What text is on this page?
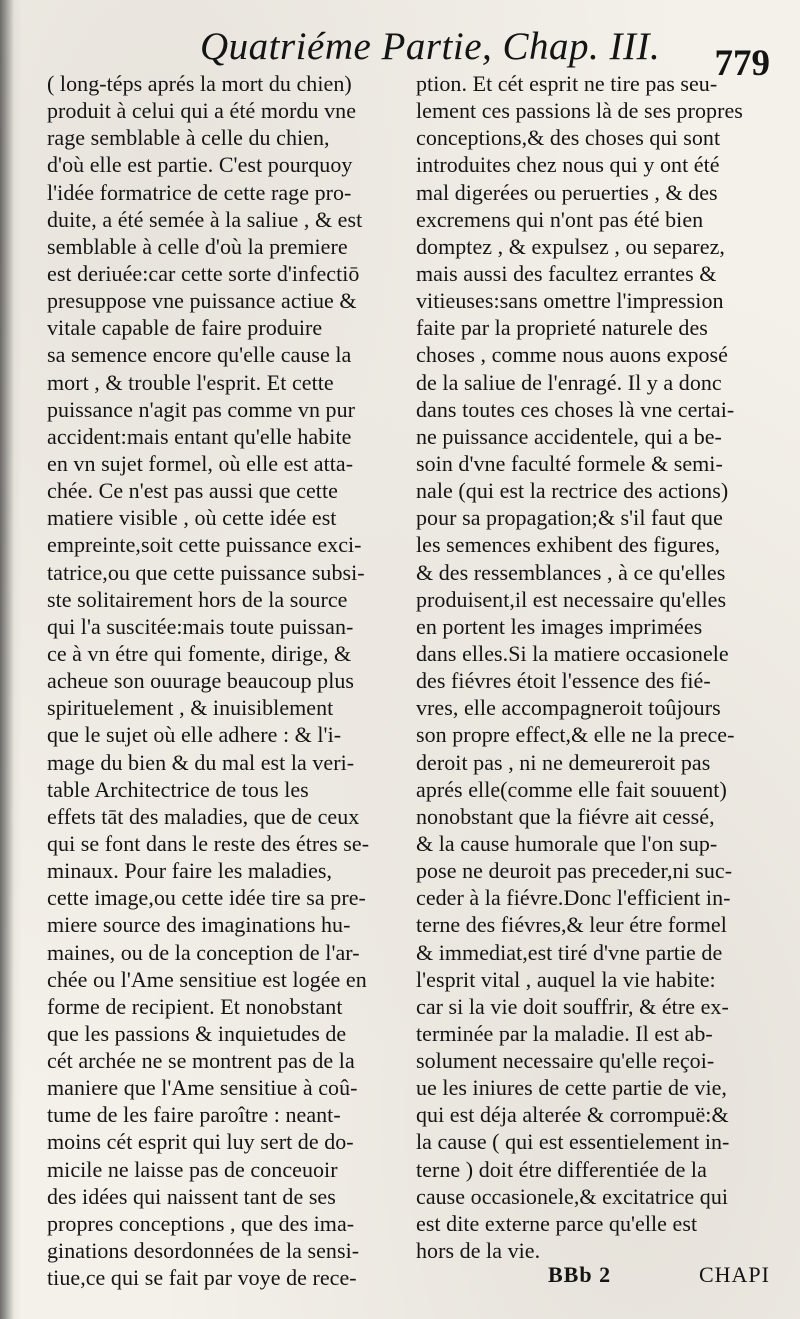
Quatriéme Partie, Chap. III. 779
( long-téps aprés la mort du chien)
produit à celui qui a été mordu vne
rage semblable à celle du chien,
d'où elle est partie. C'est pourquoy
l'idée formatrice de cette rage pro-
duite, a été semée à la saliue , & est
semblable à celle d'où la premiere
est deriuée:car cette sorte d'infectiō
presuppose vne puissance actiue &
vitale capable de faire produire
sa semence encore qu'elle cause la
mort , & trouble l'esprit. Et cette
puissance n'agit pas comme vn pur
accident:mais entant qu'elle habite
en vn sujet formel, où elle est atta-
chée. Ce n'est pas aussi que cette
matiere visible , où cette idée est
empreinte,soit cette puissance exci-
tatrice,ou que cette puissance subsi-
ste solitairement hors de la source
qui l'a suscitée:mais toute puissan-
ce à vn étre qui fomente, dirige, &
acheue son ouurage beaucoup plus
spirituelement , & inuisiblement
que le sujet où elle adhere : & l'i-
mage du bien & du mal est la veri-
table Architectrice de tous les
effets tāt des maladies, que de ceux
qui se font dans le reste des étres se-
minaux. Pour faire les maladies,
cette image,ou cette idée tire sa pre-
miere source des imaginations hu-
maines, ou de la conception de l'ar-
chée ou l'Ame sensitiue est logée en
forme de recipient. Et nonobstant
que les passions & inquietudes de
cét archée ne se montrent pas de la
maniere que l'Ame sensitiue à coû-
tume de les faire paroître : neant-
moins cét esprit qui luy sert de do-
micile ne laisse pas de conceuoir
des idées qui naissent tant de ses
propres conceptions , que des ima-
ginations desordonnées de la sensi-
tiue,ce qui se fait par voye de rece-
ption. Et cét esprit ne tire pas seu-
lement ces passions là de ses propres
conceptions,& des choses qui sont
introduites chez nous qui y ont été
mal digerées ou peruerties , & des
excremens qui n'ont pas été bien
domptez , & expulsez , ou separez,
mais aussi des facultez errantes &
vitieuses:sans omettre l'impression
faite par la proprieté naturele des
choses , comme nous auons exposé
de la saliue de l'enragé. Il y a donc
dans toutes ces choses là vne certai-
ne puissance accidentele, qui a be-
soin d'vne faculté formele & semi-
nale (qui est la rectrice des actions)
pour sa propagation;& s'il faut que
les semences exhibent des figures,
& des ressemblances , à ce qu'elles
produisent,il est necessaire qu'elles
en portent les images imprimées
dans elles.Si la matiere occasionele
des fiévres étoit l'essence des fié-
vres, elle accompagneroit toûjours
son propre effect,& elle ne la prece-
deroit pas , ni ne demeureroit pas
aprés elle(comme elle fait souuent)
nonobstant que la fiévre ait cessé,
& la cause humorale que l'on sup-
pose ne deuroit pas preceder,ni suc-
ceder à la fiévre.Donc l'efficient in-
terne des fiévres,& leur étre formel
& immediat,est tiré d'vne partie de
l'esprit vital , auquel la vie habite:
car si la vie doit souffrir, & étre ex-
terminée par la maladie. Il est ab-
solument necessaire qu'elle reçoi-
ue les iniures de cette partie de vie,
qui est déja alterée & corrompuë:&
la cause ( qui est essentielement in-
terne ) doit étre differentiée de la
cause occasionele,& excitatrice qui
est dite externe parce qu'elle est
hors de la vie.
BBb 2	CHAPI
